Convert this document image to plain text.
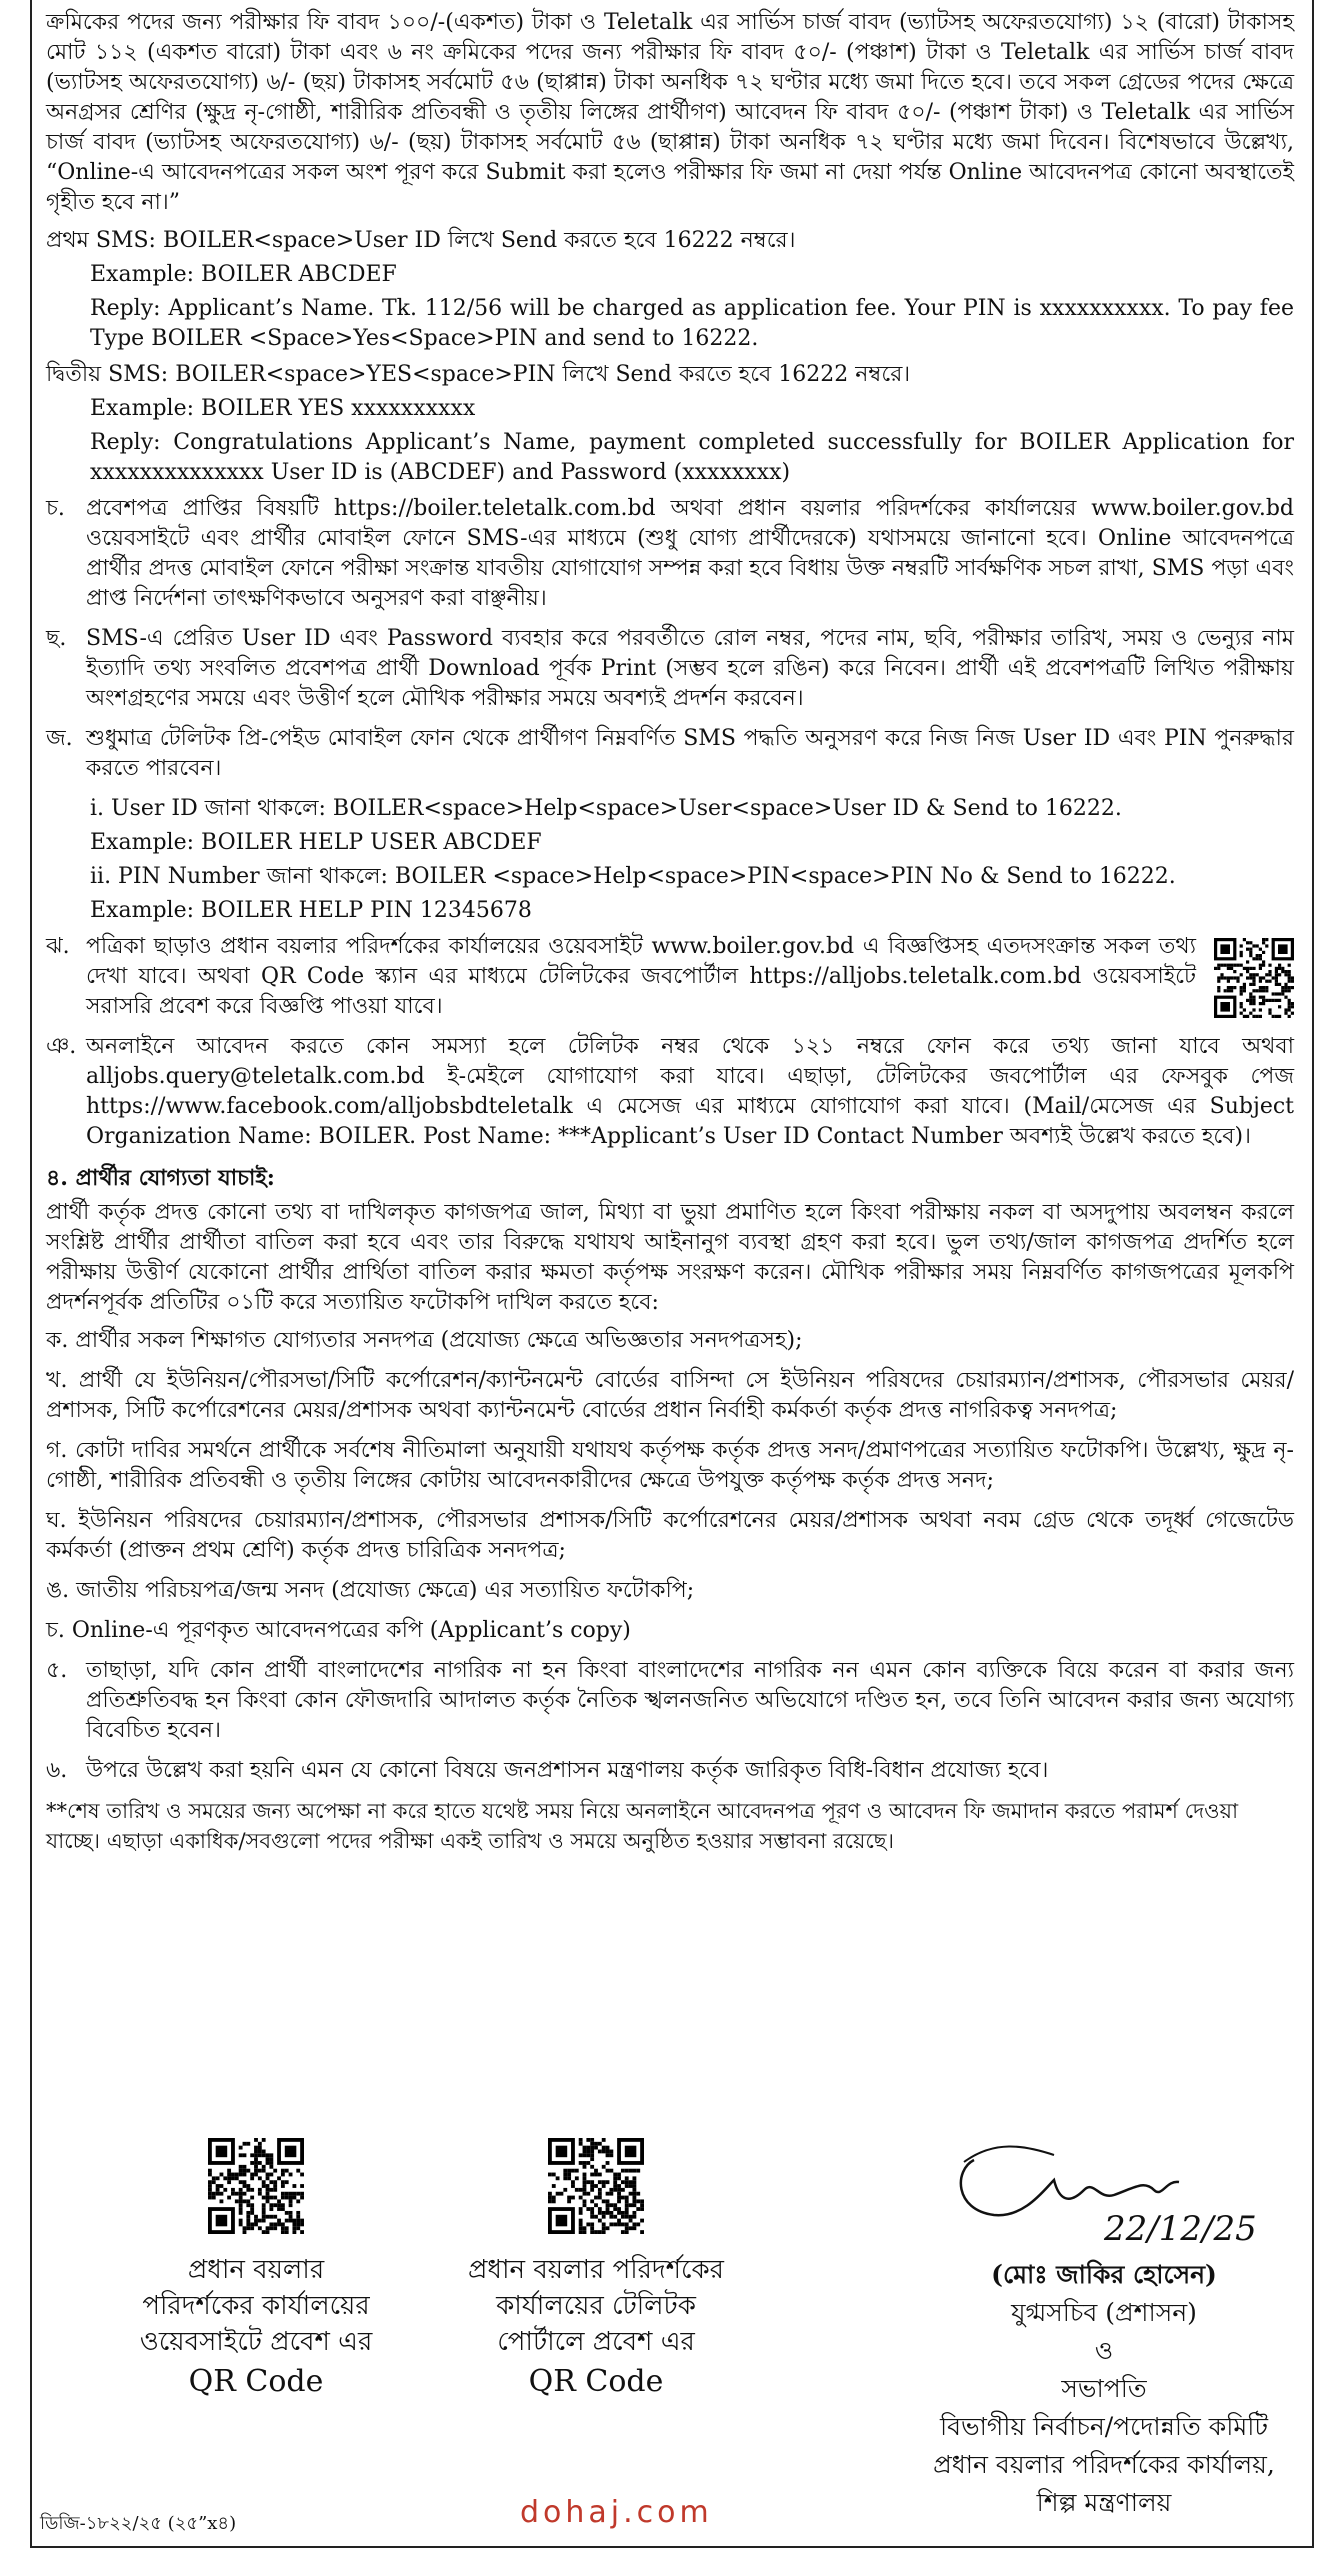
ক্রমিকের পদের জন্য পরীক্ষার ফি বাবদ ১০০/-(একশত) টাকা ও Teletalk এর সার্ভিস চার্জ বাবদ (ভ্যাটসহ অফেরতযোগ্য) ১২ (বারো) টাকাসহ মোট ১১২ (একশত বারো) টাকা এবং ৬ নং ক্রমিকের পদের জন্য পরীক্ষার ফি বাবদ ৫০/- (পঞ্চাশ) টাকা ও Teletalk এর সার্ভিস চার্জ বাবদ (ভ্যাটসহ অফেরতযোগ্য) ৬/- (ছয়) টাকাসহ সর্বমোট ৫৬ (ছাপ্পান্ন) টাকা অনধিক ৭২ ঘণ্টার মধ্যে জমা দিতে হবে। তবে সকল গ্রেডের পদের ক্ষেত্রে অনগ্রসর শ্রেণির (ক্ষুদ্র নৃ-গোষ্ঠী, শারীরিক প্রতিবন্ধী ও তৃতীয় লিঙ্গের প্রার্থীগণ) আবেদন ফি বাবদ ৫০/- (পঞ্চাশ টাকা) ও Teletalk এর সার্ভিস চার্জ বাবদ (ভ্যাটসহ অফেরতযোগ্য) ৬/- (ছয়) টাকাসহ সর্বমোট ৫৬ (ছাপ্পান্ন) টাকা অনধিক ৭২ ঘণ্টার মধ্যে জমা দিবেন। বিশেষভাবে উল্লেখ্য, “Online-এ আবেদনপত্রের সকল অংশ পূরণ করে Submit করা হলেও পরীক্ষার ফি জমা না দেয়া পর্যন্ত Online আবেদনপত্র কোনো অবস্থাতেই গৃহীত হবে না।”

প্রথম SMS: BOILER<space>User ID লিখে Send করতে হবে 16222 নম্বরে।
Example: BOILER ABCDEF
Reply: Applicant’s Name. Tk. 112/56 will be charged as application fee. Your PIN is xxxxxxxxxx. To pay fee Type BOILER <Space>Yes<Space>PIN and send to 16222.
দ্বিতীয় SMS: BOILER<space>YES<space>PIN লিখে Send করতে হবে 16222 নম্বরে।
Example: BOILER YES xxxxxxxxxx
Reply: Congratulations Applicant’s Name, payment completed successfully for BOILER Application for xxxxxxxxxxxxxx User ID is (ABCDEF) and Password (xxxxxxxx)
চ. প্রবেশপত্র প্রাপ্তির বিষয়টি https://boiler.teletalk.com.bd অথবা প্রধান বয়লার পরিদর্শকের কার্যালয়ের www.boiler.gov.bd ওয়েবসাইটে এবং প্রার্থীর মোবাইল ফোনে SMS-এর মাধ্যমে (শুধু যোগ্য প্রার্থীদেরকে) যথাসময়ে জানানো হবে। Online আবেদনপত্রে প্রার্থীর প্রদত্ত মোবাইল ফোনে পরীক্ষা সংক্রান্ত যাবতীয় যোগাযোগ সম্পন্ন করা হবে বিধায় উক্ত নম্বরটি সার্বক্ষণিক সচল রাখা, SMS পড়া এবং প্রাপ্ত নির্দেশনা তাৎক্ষণিকভাবে অনুসরণ করা বাঞ্ছনীয়।
ছ. SMS-এ প্রেরিত User ID এবং Password ব্যবহার করে পরবর্তীতে রোল নম্বর, পদের নাম, ছবি, পরীক্ষার তারিখ, সময় ও ভেন্যুর নাম ইত্যাদি তথ্য সংবলিত প্রবেশপত্র প্রার্থী Download পূর্বক Print (সম্ভব হলে রঙিন) করে নিবেন। প্রার্থী এই প্রবেশপত্রটি লিখিত পরীক্ষায় অংশগ্রহণের সময়ে এবং উত্তীর্ণ হলে মৌখিক পরীক্ষার সময়ে অবশ্যই প্রদর্শন করবেন।
জ. শুধুমাত্র টেলিটক প্রি-পেইড মোবাইল ফোন থেকে প্রার্থীগণ নিম্নবর্ণিত SMS পদ্ধতি অনুসরণ করে নিজ নিজ User ID এবং PIN পুনরুদ্ধার করতে পারবেন।
i. User ID জানা থাকলে: BOILER<space>Help<space>User<space>User ID & Send to 16222.
Example: BOILER HELP USER ABCDEF
ii. PIN Number জানা থাকলে: BOILER <space>Help<space>PIN<space>PIN No & Send to 16222.
Example: BOILER HELP PIN 12345678
ঝ. পত্রিকা ছাড়াও প্রধান বয়লার পরিদর্শকের কার্যালয়ের ওয়েবসাইট www.boiler.gov.bd এ বিজ্ঞপ্তিসহ এতদসংক্রান্ত সকল তথ্য দেখা যাবে। অথবা QR Code স্ক্যান এর মাধ্যমে টেলিটকের জবপোর্টাল https://alljobs.teletalk.com.bd ওয়েবসাইটে সরাসরি প্রবেশ করে বিজ্ঞপ্তি পাওয়া যাবে।
ঞ. অনলাইনে আবেদন করতে কোন সমস্যা হলে টেলিটক নম্বর থেকে ১২১ নম্বরে ফোন করে তথ্য জানা যাবে অথবা alljobs.query@teletalk.com.bd ই-মেইলে যোগাযোগ করা যাবে। এছাড়া, টেলিটকের জবপোর্টাল এর ফেসবুক পেজ https://www.facebook.com/alljobsbdteletalk এ মেসেজ এর মাধ্যমে যোগাযোগ করা যাবে। (Mail/মেসেজ এর Subject Organization Name: BOILER. Post Name: ***Applicant’s User ID Contact Number অবশ্যই উল্লেখ করতে হবে)।
৪. প্রার্থীর যোগ্যতা যাচাই:

প্রার্থী কর্তৃক প্রদত্ত কোনো তথ্য বা দাখিলকৃত কাগজপত্র জাল, মিথ্যা বা ভুয়া প্রমাণিত হলে কিংবা পরীক্ষায় নকল বা অসদুপায় অবলম্বন করলে সংশ্লিষ্ট প্রার্থীর প্রার্থীতা বাতিল করা হবে এবং তার বিরুদ্ধে যথাযথ আইনানুগ ব্যবস্থা গ্রহণ করা হবে। ভুল তথ্য/জাল কাগজপত্র প্রদর্শিত হলে পরীক্ষায় উত্তীর্ণ যেকোনো প্রার্থীর প্রার্থিতা বাতিল করার ক্ষমতা কর্তৃপক্ষ সংরক্ষণ করেন। মৌখিক পরীক্ষার সময় নিম্নবর্ণিত কাগজপত্রের মূলকপি প্রদর্শনপূর্বক প্রতিটির ০১টি করে সত্যায়িত ফটোকপি দাখিল করতে হবে:

ক. প্রার্থীর সকল শিক্ষাগত যোগ্যতার সনদপত্র (প্রযোজ্য ক্ষেত্রে অভিজ্ঞতার সনদপত্রসহ);
খ. প্রার্থী যে ইউনিয়ন/পৌরসভা/সিটি কর্পোরেশন/ক্যান্টনমেন্ট বোর্ডের বাসিন্দা সে ইউনিয়ন পরিষদের চেয়ারম্যান/প্রশাসক, পৌরসভার মেয়র/প্রশাসক, সিটি কর্পোরেশনের মেয়র/প্রশাসক অথবা ক্যান্টনমেন্ট বোর্ডের প্রধান নির্বাহী কর্মকর্তা কর্তৃক প্রদত্ত নাগরিকত্ব সনদপত্র;
গ. কোটা দাবির সমর্থনে প্রার্থীকে সর্বশেষ নীতিমালা অনুযায়ী যথাযথ কর্তৃপক্ষ কর্তৃক প্রদত্ত সনদ/প্রমাণপত্রের সত্যায়িত ফটোকপি। উল্লেখ্য, ক্ষুদ্র নৃ-গোষ্ঠী, শারীরিক প্রতিবন্ধী ও তৃতীয় লিঙ্গের কোটায় আবেদনকারীদের ক্ষেত্রে উপযুক্ত কর্তৃপক্ষ কর্তৃক প্রদত্ত সনদ;
ঘ. ইউনিয়ন পরিষদের চেয়ারম্যান/প্রশাসক, পৌরসভার প্রশাসক/সিটি কর্পোরেশনের মেয়র/প্রশাসক অথবা নবম গ্রেড থেকে তদূর্ধ্ব গেজেটেড কর্মকর্তা (প্রাক্তন প্রথম শ্রেণি) কর্তৃক প্রদত্ত চারিত্রিক সনদপত্র;
ঙ. জাতীয় পরিচয়পত্র/জন্ম সনদ (প্রযোজ্য ক্ষেত্রে) এর সত্যায়িত ফটোকপি;
চ. Online-এ পূরণকৃত আবেদনপত্রের কপি (Applicant’s copy)
৫. তাছাড়া, যদি কোন প্রার্থী বাংলাদেশের নাগরিক না হন কিংবা বাংলাদেশের নাগরিক নন এমন কোন ব্যক্তিকে বিয়ে করেন বা করার জন্য প্রতিশ্রুতিবদ্ধ হন কিংবা কোন ফৌজদারি আদালত কর্তৃক নৈতিক স্খলনজনিত অভিযোগে দণ্ডিত হন, তবে তিনি আবেদন করার জন্য অযোগ্য বিবেচিত হবেন।
৬. উপরে উল্লেখ করা হয়নি এমন যে কোনো বিষয়ে জনপ্রশাসন মন্ত্রণালয় কর্তৃক জারিকৃত বিধি-বিধান প্রযোজ্য হবে।

**শেষ তারিখ ও সময়ের জন্য অপেক্ষা না করে হাতে যথেষ্ট সময় নিয়ে অনলাইনে আবেদনপত্র পূরণ ও আবেদন ফি জমাদান করতে পরামর্শ দেওয়া যাচ্ছে। এছাড়া একাধিক/সবগুলো পদের পরীক্ষা একই তারিখ ও সময়ে অনুষ্ঠিত হওয়ার সম্ভাবনা রয়েছে।

প্রধান বয়লার
পরিদর্শকের কার্যালয়ের
ওয়েবসাইটে প্রবেশ এর
QR Code
প্রধান বয়লার পরিদর্শকের
কার্যালয়ের টেলিটক
পোর্টালে প্রবেশ এর
QR Code
22/12/25
(মোঃ জাকির হোসেন)
যুগ্মসচিব (প্রশাসন)
ও
সভাপতি
বিভাগীয় নির্বাচন/পদোন্নতি কমিটি
প্রধান বয়লার পরিদর্শকের কার্যালয়,
শিল্প মন্ত্রণালয়
ডিজি-১৮২২/২৫ (২৫”x৪)	dohaj.com
